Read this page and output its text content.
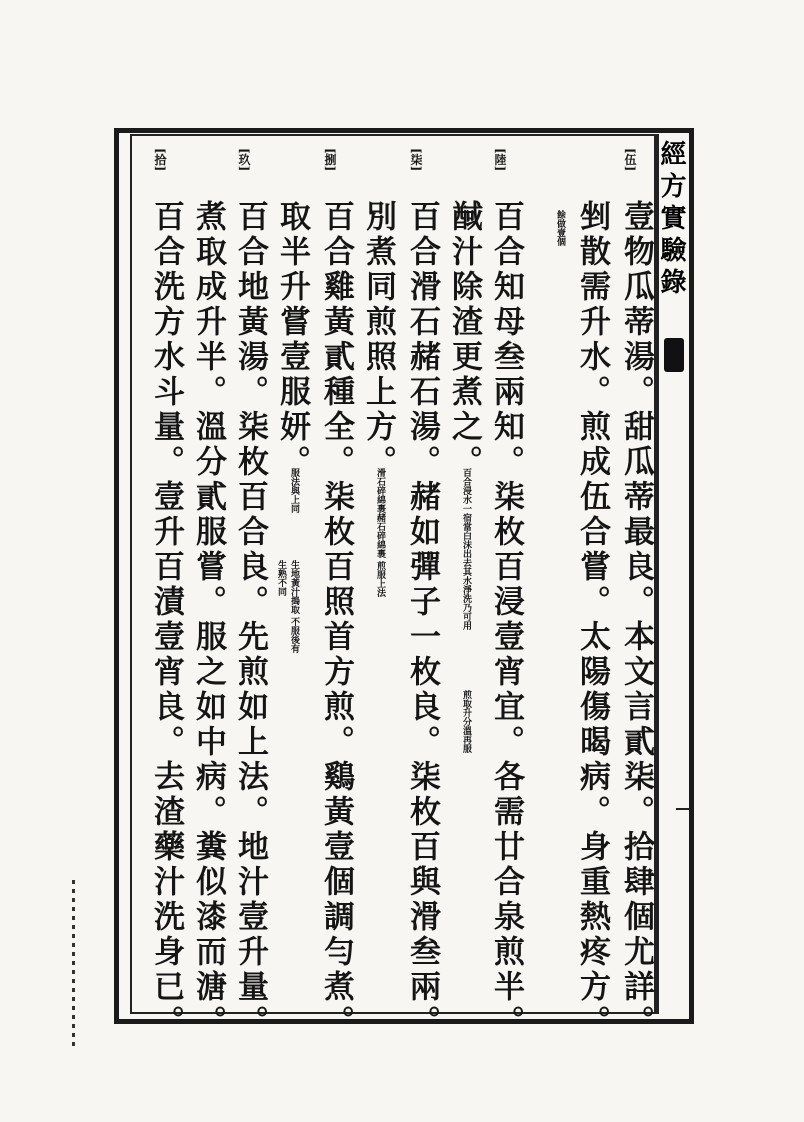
經方實驗錄
[伍]
[陸]
[柒]
[捌]
[玖]
[拾]
壹物瓜蒂湯。甜瓜蒂最良。本文言貳柒。拾肆個尤詳。
剉散需升水。煎成伍合嘗。太陽傷暍病。身重熱疼方。
百合知母叁兩知。柒枚百浸壹宵宜。各需廿合泉煎半。
䤋汁除渣更煮之。
百合滑石赭石湯。赭如彈子一枚良。柒枚百與滑叁兩。
別煮同煎照上方。
百合雞黃貳種全。柒枚百照首方煎。鷄黃壹個調勻煮。
取半升嘗壹服妍。
百合地黃湯。柒枚百合良。先煎如上法。地汁壹升量。
煮取成升半。溫分貳服嘗。服之如中病。糞似漆而溏。
百合洗方水斗量。壹升百漬壹宵良。去渣藥汁洗身已。	餘做壹個
百合浸水一宿當白沫出去其水淨洗乃可用
煎取升分溫再服
滑石碎綿裹赭石碎綿裹 煎服上法
服法與上同
生地黃汁搗取 不服後有生熟不同
